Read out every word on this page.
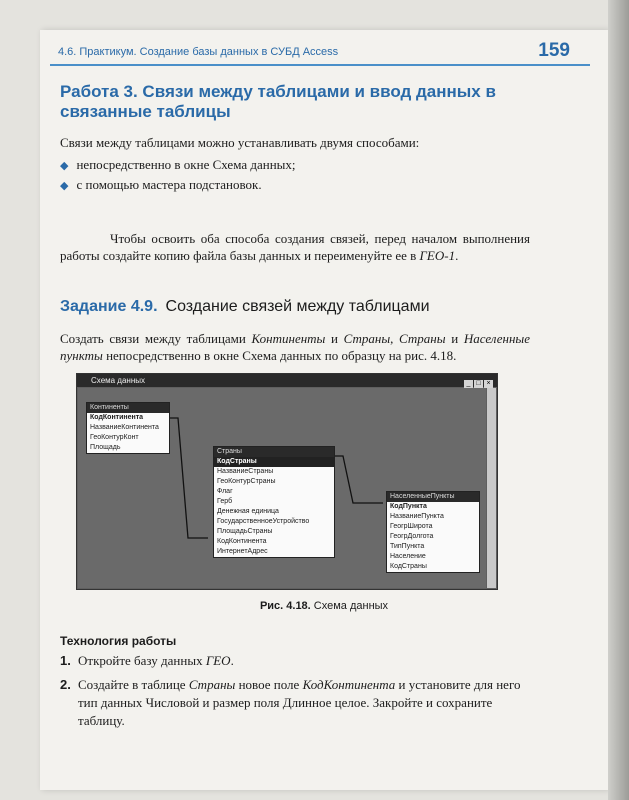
4.6. Практикум. Создание базы данных в СУБД Access	159
Работа 3. Связи между таблицами и ввод данных в связанные таблицы
Связи между таблицами можно устанавливать двумя способами:
◆ непосредственно в окне Схема данных;
◆ с помощью мастера подстановок.
Чтобы освоить оба способа создания связей, перед началом выполнения работы создайте копию файла базы данных и переименуйте ее в ГЕО-1.
Задание 4.9. Создание связей между таблицами
Создать связи между таблицами Континенты и Страны, Страны и Населенные пункты непосредственно в окне Схема данных по образцу на рис. 4.18.
Схема данных	_ □ ×
Континенты
КодКонтинента
НазваниеКонтинента
ГеоКонтурКонт
Площадь
Страны
КодСтраны
НазваниеСтраны
ГеоКонтурСтраны
Флаг
Герб
Денежная единица
ГосударственноеУстройство
ПлощадьСтраны
КодКонтинента
ИнтернетАдрес
НаселенныеПункты
КодПункта
НазваниеПункта
ГеогрШирота
ГеогрДолгота
ТипПункта
Население
КодСтраны
Рис. 4.18. Схема данных
Технология работы
1. Откройте базу данных ГЕО.
2. Создайте в таблице Страны новое поле КодКонтинента и установите для него тип данных Числовой и размер поля Длинное целое. Закройте и сохраните таблицу.
